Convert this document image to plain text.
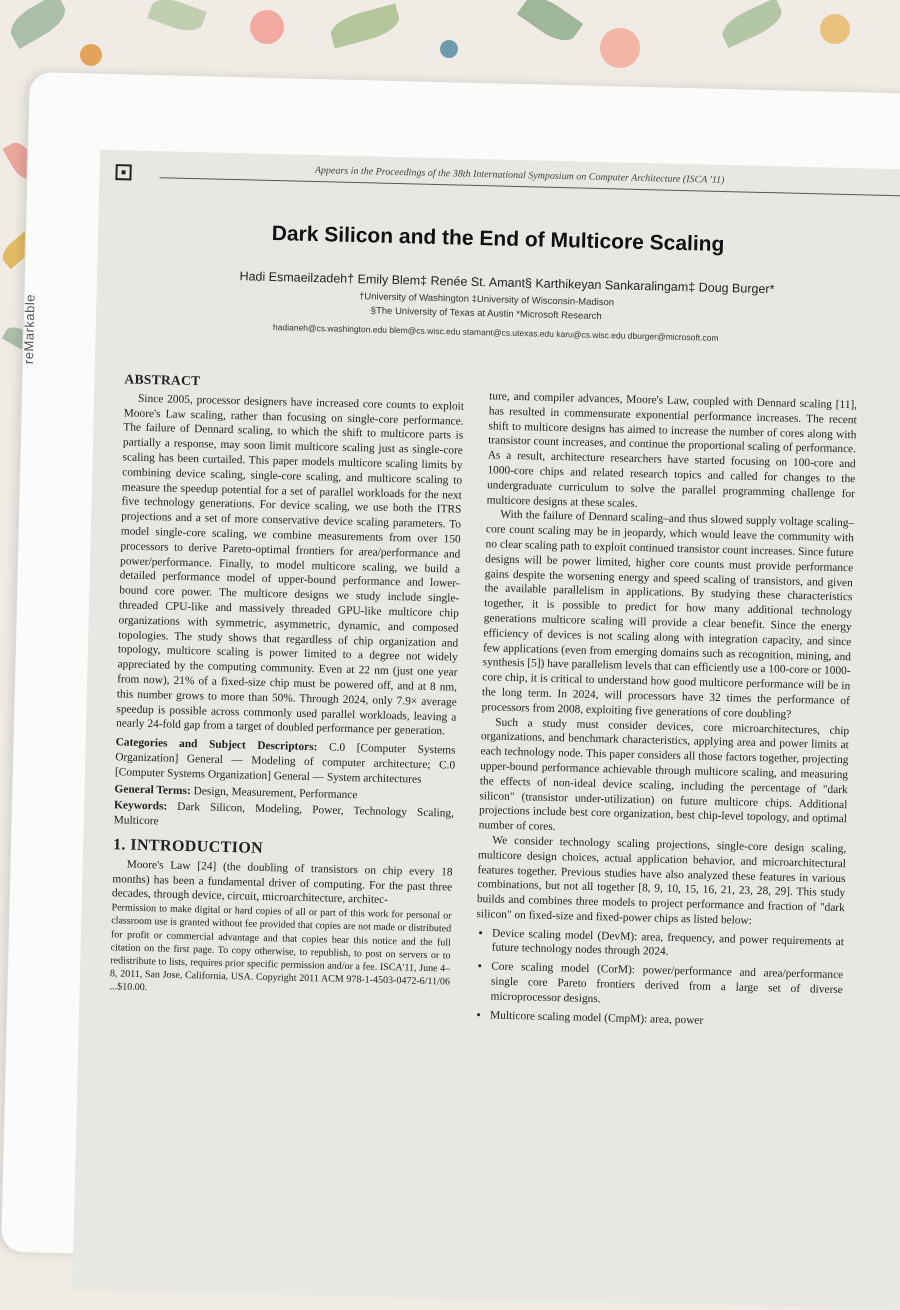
reMarkable
Appears in the Proceedings of the 38th International Symposium on Computer Architecture (ISCA '11)
Dark Silicon and the End of Multicore Scaling
Hadi Esmaeilzadeh† Emily Blem‡ Renée St. Amant§ Karthikeyan Sankaralingam‡ Doug Burger*
†University of Washington ‡University of Wisconsin-Madison
§The University of Texas at Austin *Microsoft Research
hadianeh@cs.washington.edu blem@cs.wisc.edu stamant@cs.utexas.edu karu@cs.wisc.edu dburger@microsoft.com
ABSTRACT

Since 2005, processor designers have increased core counts to exploit Moore's Law scaling, rather than focusing on single-core performance. The failure of Dennard scaling, to which the shift to multicore parts is partially a response, may soon limit multicore scaling just as single-core scaling has been curtailed. This paper models multicore scaling limits by combining device scaling, single-core scaling, and multicore scaling to measure the speedup potential for a set of parallel workloads for the next five technology generations. For device scaling, we use both the ITRS projections and a set of more conservative device scaling parameters. To model single-core scaling, we combine measurements from over 150 processors to derive Pareto-optimal frontiers for area/performance and power/performance. Finally, to model multicore scaling, we build a detailed performance model of upper-bound performance and lower-bound core power. The multicore designs we study include single-threaded CPU-like and massively threaded GPU-like multicore chip organizations with symmetric, asymmetric, dynamic, and composed topologies. The study shows that regardless of chip organization and topology, multicore scaling is power limited to a degree not widely appreciated by the computing community. Even at 22 nm (just one year from now), 21% of a fixed-size chip must be powered off, and at 8 nm, this number grows to more than 50%. Through 2024, only 7.9× average speedup is possible across commonly used parallel workloads, leaving a nearly 24-fold gap from a target of doubled performance per generation.

Categories and Subject Descriptors: C.0 [Computer Systems Organization] General — Modeling of computer architecture; C.0 [Computer Systems Organization] General — System architectures

General Terms: Design, Measurement, Performance

Keywords: Dark Silicon, Modeling, Power, Technology Scaling, Multicore

1. INTRODUCTION

Moore's Law [24] (the doubling of transistors on chip every 18 months) has been a fundamental driver of computing. For the past three decades, through device, circuit, microarchitecture, architec-

Permission to make digital or hard copies of all or part of this work for personal or classroom use is granted without fee provided that copies are not made or distributed for profit or commercial advantage and that copies bear this notice and the full citation on the first page. To copy otherwise, to republish, to post on servers or to redistribute to lists, requires prior specific permission and/or a fee. ISCA'11, June 4–8, 2011, San Jose, California, USA. Copyright 2011 ACM 978-1-4503-0472-6/11/06 ...$10.00.

ture, and compiler advances, Moore's Law, coupled with Dennard scaling [11], has resulted in commensurate exponential performance increases. The recent shift to multicore designs has aimed to increase the number of cores along with transistor count increases, and continue the proportional scaling of performance. As a result, architecture researchers have started focusing on 100-core and 1000-core chips and related research topics and called for changes to the undergraduate curriculum to solve the parallel programming challenge for multicore designs at these scales.

With the failure of Dennard scaling–and thus slowed supply voltage scaling–core count scaling may be in jeopardy, which would leave the community with no clear scaling path to exploit continued transistor count increases. Since future designs will be power limited, higher core counts must provide performance gains despite the worsening energy and speed scaling of transistors, and given the available parallelism in applications. By studying these characteristics together, it is possible to predict for how many additional technology generations multicore scaling will provide a clear benefit. Since the energy efficiency of devices is not scaling along with integration capacity, and since few applications (even from emerging domains such as recognition, mining, and synthesis [5]) have parallelism levels that can efficiently use a 100-core or 1000-core chip, it is critical to understand how good multicore performance will be in the long term. In 2024, will processors have 32 times the performance of processors from 2008, exploiting five generations of core doubling?

Such a study must consider devices, core microarchitectures, chip organizations, and benchmark characteristics, applying area and power limits at each technology node. This paper considers all those factors together, projecting upper-bound performance achievable through multicore scaling, and measuring the effects of non-ideal device scaling, including the percentage of "dark silicon" (transistor under-utilization) on future multicore chips. Additional projections include best core organization, best chip-level topology, and optimal number of cores.

We consider technology scaling projections, single-core design scaling, multicore design choices, actual application behavior, and microarchitectural features together. Previous studies have also analyzed these features in various combinations, but not all together [8, 9, 10, 15, 16, 21, 23, 28, 29]. This study builds and combines three models to project performance and fraction of "dark silicon" on fixed-size and fixed-power chips as listed below:

• Device scaling model (DevM): area, frequency, and power requirements at future technology nodes through 2024.
• Core scaling model (CorM): power/performance and area/performance single core Pareto frontiers derived from a large set of diverse microprocessor designs.
• Multicore scaling model (CmpM): area, power
